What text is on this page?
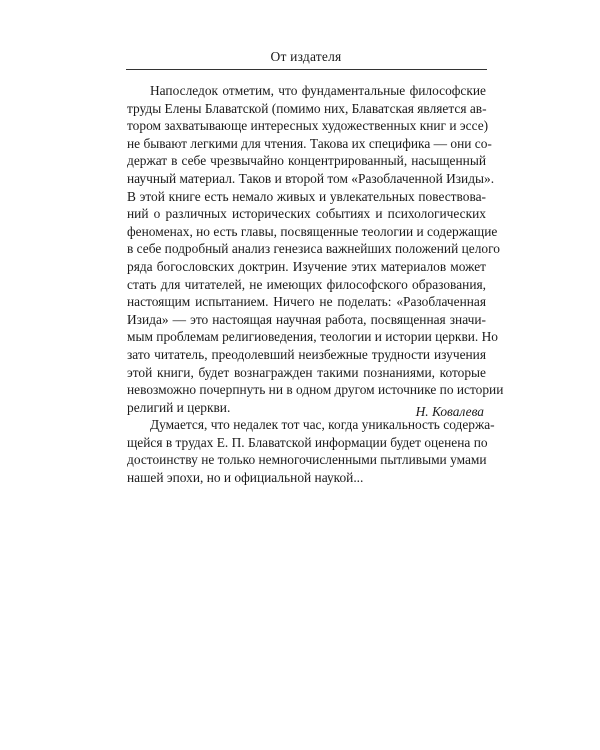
От издателя
Напоследок отметим, что фундаментальные философские
труды Елены Блаватской (помимо них, Блаватская является ав-
тором захватывающе интересных художественных книг и эссе)
не бывают легкими для чтения. Такова их специфика — они со-
держат в себе чрезвычайно концентрированный, насыщенный
научный материал. Таков и второй том «Разоблаченной Изиды».
В этой книге есть немало живых и увлекательных повествова-
ний о различных исторических событиях и психологических
феноменах, но есть главы, посвященные теологии и содержащие
в себе подробный анализ генезиса важнейших положений целого
ряда богословских доктрин. Изучение этих материалов может
стать для читателей, не имеющих философского образования,
настоящим испытанием. Ничего не поделать: «Разоблаченная
Изида» — это настоящая научная работа, посвященная значи-
мым проблемам религиоведения, теологии и истории церкви. Но
зато читатель, преодолевший неизбежные трудности изучения
этой книги, будет вознагражден такими познаниями, которые
невозможно почерпнуть ни в одном другом источнике по истории
религий и церкви.
Думается, что недалек тот час, когда уникальность содержа-
щейся в трудах Е. П. Блаватской информации будет оценена по
достоинству не только немногочисленными пытливыми умами
нашей эпохи, но и официальной наукой...
Н. Ковалева
